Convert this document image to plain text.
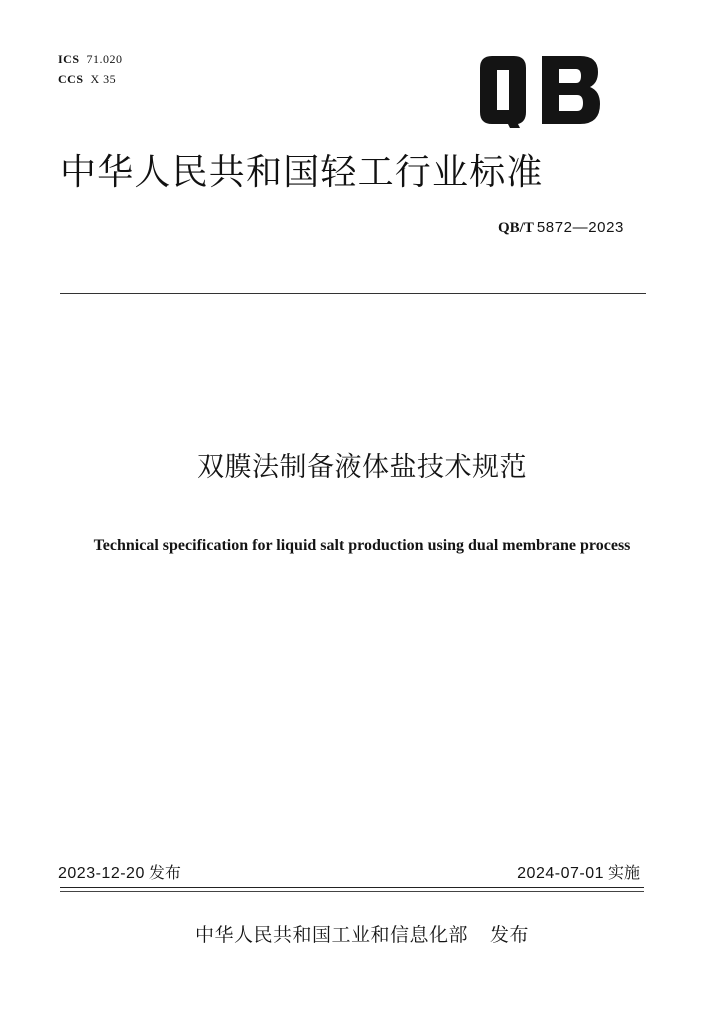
ICS 71.020
CCS X 35
QB
中华人民共和国轻工行业标准
QB/T 5872—2023
双膜法制备液体盐技术规范
Technical specification for liquid salt production using dual membrane process
2023-12-20 发布	2024-07-01 实施
中华人民共和国工业和信息化部 发布
